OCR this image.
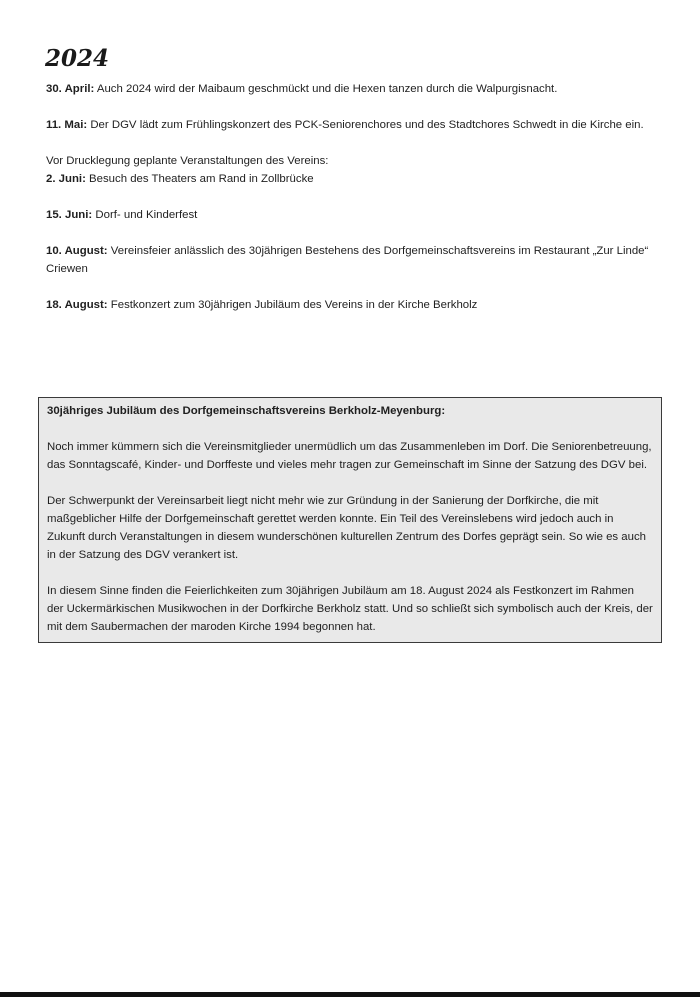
2024

30. April: Auch 2024 wird der Maibaum geschmückt und die Hexen tanzen durch die Walpurgisnacht.

11. Mai: Der DGV lädt zum Frühlingskonzert des PCK-Seniorenchores und des Stadtchores Schwedt in die Kirche ein.

Vor Drucklegung geplante Veranstaltungen des Vereins:

2. Juni: Besuch des Theaters am Rand in Zollbrücke

15. Juni: Dorf- und Kinderfest

10. August: Vereinsfeier anlässlich des 30jährigen Bestehens des Dorfgemeinschaftsvereins im Restaurant „Zur Linde“ Criewen

18. August: Festkonzert zum 30jährigen Jubiläum des Vereins in der Kirche Berkholz

30jähriges Jubiläum des Dorfgemeinschaftsvereins Berkholz-Meyenburg:

Noch immer kümmern sich die Vereinsmitglieder unermüdlich um das Zusammenleben im Dorf. Die Seniorenbetreuung, das Sonntagscafé, Kinder- und Dorffeste und vieles mehr tragen zur Gemeinschaft im Sinne der Satzung des DGV bei.

Der Schwerpunkt der Vereinsarbeit liegt nicht mehr wie zur Gründung in der Sanierung der Dorfkirche, die mit maßgeblicher Hilfe der Dorfgemeinschaft gerettet werden konnte. Ein Teil des Vereinslebens wird jedoch auch in Zukunft durch Veranstaltungen in diesem wunderschönen kulturellen Zentrum des Dorfes geprägt sein. So wie es auch in der Satzung des DGV verankert ist.

In diesem Sinne finden die Feierlichkeiten zum 30jährigen Jubiläum am 18. August 2024 als Festkonzert im Rahmen der Uckermärkischen Musikwochen in der Dorfkirche Berkholz statt. Und so schließt sich symbolisch auch der Kreis, der mit dem Saubermachen der maroden Kirche 1994 begonnen hat.
